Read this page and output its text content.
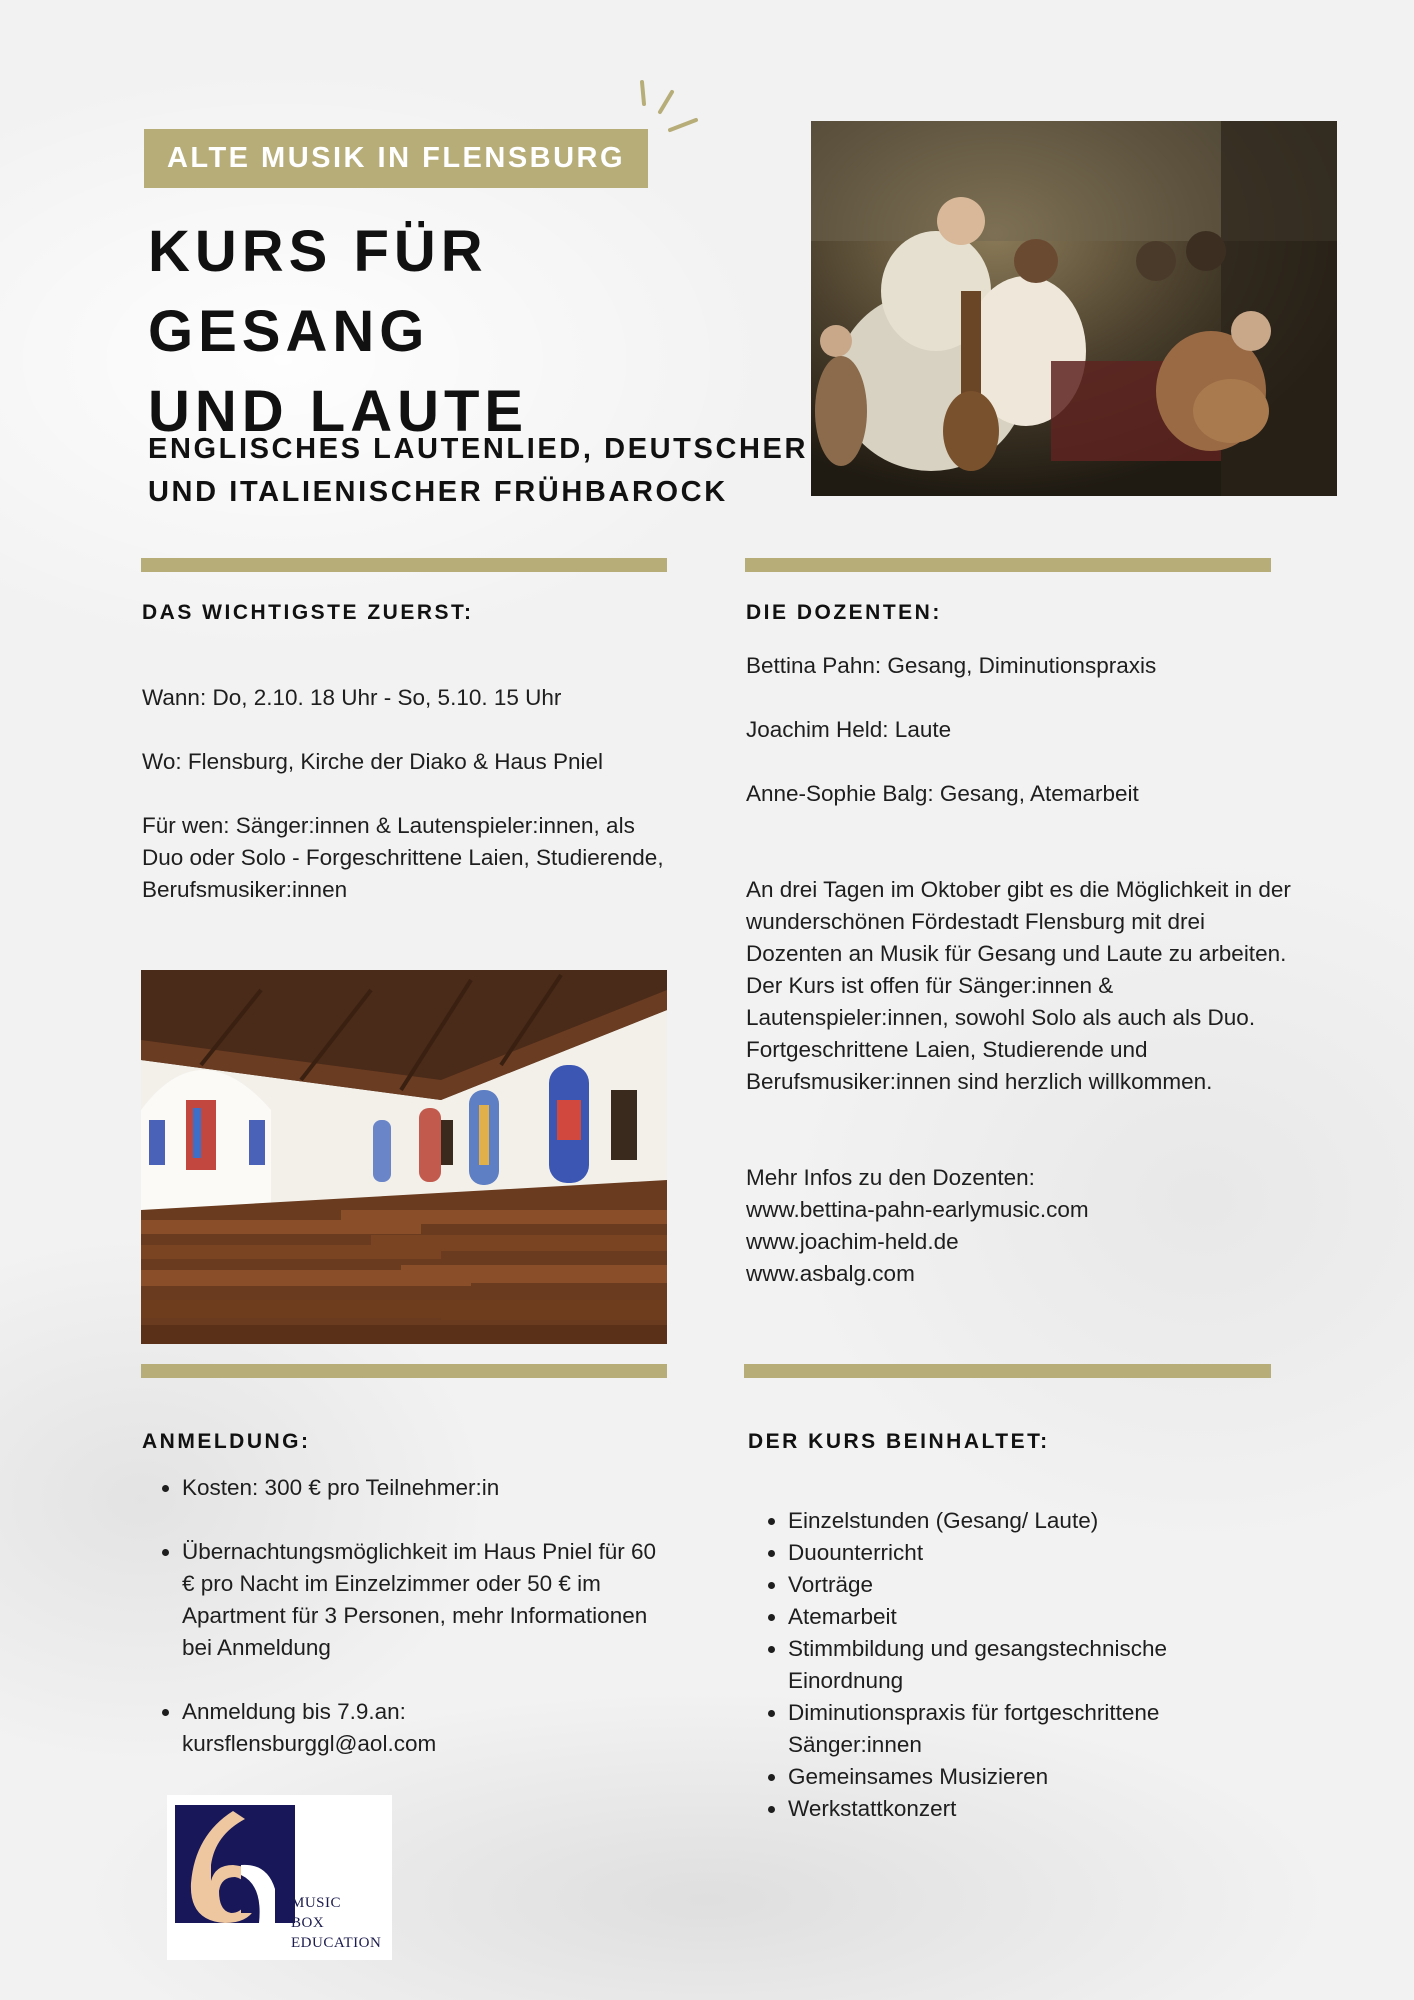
ALTE MUSIK IN FLENSBURG
KURS FÜR GESANG
UND LAUTE
ENGLISCHES LAUTENLIED, DEUTSCHER
UND ITALIENISCHER FRÜHBAROCK
DAS WICHTIGSTE ZUERST:

Wann: Do, 2.10. 18 Uhr - So, 5.10. 15 Uhr

Wo: Flensburg, Kirche der Diako & Haus Pniel

Für wen: Sänger:innen & Lautenspieler:innen, als Duo oder Solo - Forgeschrittene Laien, Studierende, Berufsmusiker:innen

DIE DOZENTEN:

Bettina Pahn: Gesang, Diminutionspraxis

Joachim Held: Laute

Anne-Sophie Balg: Gesang, Atemarbeit

An drei Tagen im Oktober gibt es die Möglichkeit in der wunderschönen Fördestadt Flensburg mit drei Dozenten an Musik für Gesang und Laute zu arbeiten. Der Kurs ist offen für Sänger:innen & Lautenspieler:innen, sowohl Solo als auch als Duo. Fortgeschrittene Laien, Studierende und Berufsmusiker:innen sind herzlich willkommen.

Mehr Infos zu den Dozenten:

www.bettina-pahn-earlymusic.com

www.joachim-held.de

www.asbalg.com

ANMELDUNG:
• Kosten: 300 € pro Teilnehmer:in
• Übernachtungsmöglichkeit im Haus Pniel für 60 € pro Nacht im Einzelzimmer oder 50 € im Apartment für 3 Personen, mehr Informationen bei Anmeldung
• Anmeldung bis 7.9.an:
kursflensburggl@aol.com
DER KURS BEINHALTET:
• Einzelstunden (Gesang/ Laute)
• Duounterricht
• Vorträge
• Atemarbeit
• Stimmbildung und gesangstechnische Einordnung
• Diminutionspraxis für fortgeschrittene Sänger:innen
• Gemeinsames Musizieren
• Werkstattkonzert
MUSIC
BOX
EDUCATION
